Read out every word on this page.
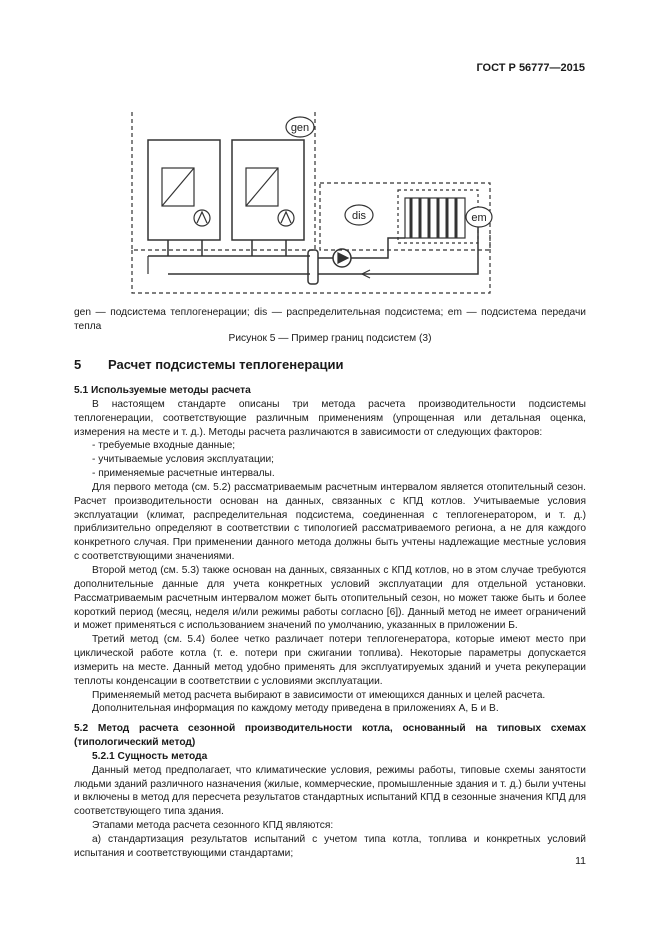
ГОСТ Р 56777—2015
gen
dis	em
gen — подсистема теплогенерации; dis — распределительная подсистема; em — подсистема передачи тепла
Рисунок 5 — Пример границ подсистем (3)
5 Расчет подсистемы теплогенерации

5.1 Используемые методы расчета

В настоящем стандарте описаны три метода расчета производительности подсистемы теплогенерации, соответствующие различным применениям (упрощенная или детальная оценка, измерения на месте и т. д.). Методы расчета различаются в зависимости от следующих факторов:

- требуемые входные данные;

- учитываемые условия эксплуатации;

- применяемые расчетные интервалы.

Для первого метода (см. 5.2) рассматриваемым расчетным интервалом является отопительный сезон. Расчет производительности основан на данных, связанных с КПД котлов. Учитываемые условия эксплуатации (климат, распределительная подсистема, соединенная с теплогенератором, и т. д.) приблизительно определяют в соответствии с типологией рассматриваемого региона, а не для каждого конкретного случая. При применении данного метода должны быть учтены надлежащие местные условия с соответствующими значениями.

Второй метод (см. 5.3) также основан на данных, связанных с КПД котлов, но в этом случае требуются дополнительные данные для учета конкретных условий эксплуатации для отдельной установки. Рассматриваемым расчетным интервалом может быть отопительный сезон, но может также быть и более короткий период (месяц, неделя и/или режимы работы согласно [6]). Данный метод не имеет ограничений и может применяться с использованием значений по умолчанию, указанных в приложении Б.

Третий метод (см. 5.4) более четко различает потери теплогенератора, которые имеют место при циклической работе котла (т. е. потери при сжигании топлива). Некоторые параметры допускается измерить на месте. Данный метод удобно применять для эксплуатируемых зданий и учета рекуперации теплоты конденсации в соответствии с условиями эксплуатации.

Применяемый метод расчета выбирают в зависимости от имеющихся данных и целей расчета.

Дополнительная информация по каждому методу приведена в приложениях А, Б и В.

5.2 Метод расчета сезонной производительности котла, основанный на типовых схемах (типологический метод)

5.2.1 Сущность метода

Данный метод предполагает, что климатические условия, режимы работы, типовые схемы занятости людьми зданий различного назначения (жилые, коммерческие, промышленные здания и т. д.) были учтены и включены в метод для пересчета результатов стандартных испытаний КПД в сезонные значения КПД для соответствующего типа здания.

Этапами метода расчета сезонного КПД являются:

а) стандартизация результатов испытаний с учетом типа котла, топлива и конкретных условий испытания и соответствующими стандартами;

11
